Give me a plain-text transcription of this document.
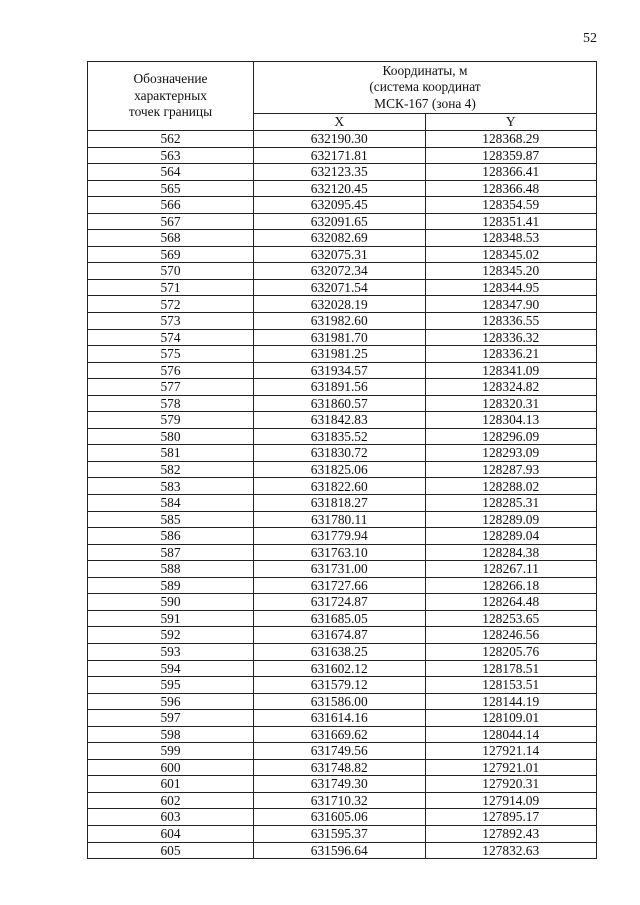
52
Обозначение
характерных
точек границы	Координаты, м
(система координат
МСК-167 (зона 4)	
	X	Y
562	632190.30	128368.29
563	632171.81	128359.87
564	632123.35	128366.41
565	632120.45	128366.48
566	632095.45	128354.59
567	632091.65	128351.41
568	632082.69	128348.53
569	632075.31	128345.02
570	632072.34	128345.20
571	632071.54	128344.95
572	632028.19	128347.90
573	631982.60	128336.55
574	631981.70	128336.32
575	631981.25	128336.21
576	631934.57	128341.09
577	631891.56	128324.82
578	631860.57	128320.31
579	631842.83	128304.13
580	631835.52	128296.09
581	631830.72	128293.09
582	631825.06	128287.93
583	631822.60	128288.02
584	631818.27	128285.31
585	631780.11	128289.09
586	631779.94	128289.04
587	631763.10	128284.38
588	631731.00	128267.11
589	631727.66	128266.18
590	631724.87	128264.48
591	631685.05	128253.65
592	631674.87	128246.56
593	631638.25	128205.76
594	631602.12	128178.51
595	631579.12	128153.51
596	631586.00	128144.19
597	631614.16	128109.01
598	631669.62	128044.14
599	631749.56	127921.14
600	631748.82	127921.01
601	631749.30	127920.31
602	631710.32	127914.09
603	631605.06	127895.17
604	631595.37	127892.43
605	631596.64	127832.63
